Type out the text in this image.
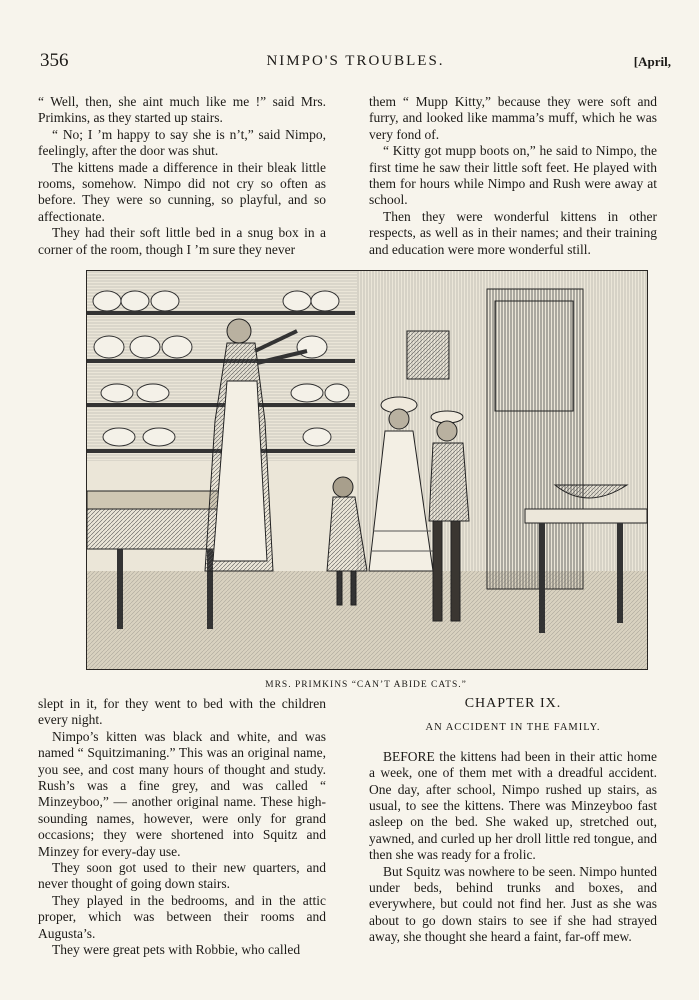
356	NIMPO'S TROUBLES.	[April,

“ Well, then, she aint much like me !” said Mrs. Primkins, as they started up stairs.

“ No; I ’m happy to say she is n’t,” said Nimpo, feelingly, after the door was shut.

The kittens made a difference in their bleak little rooms, somehow. Nimpo did not cry so often as before. They were so cunning, so playful, and so affectionate.

They had their soft little bed in a snug box in a corner of the room, though I ’m sure they never

them “ Mupp Kitty,” because they were soft and furry, and looked like mamma’s muff, which he was very fond of.

“ Kitty got mupp boots on,” he said to Nimpo, the first time he saw their little soft feet. He played with them for hours while Nimpo and Rush were away at school.

Then they were wonderful kittens in other respects, as well as in their names; and their training and education were more wonderful still.

MRS. PRIMKINS “CAN’T ABIDE CATS.”

slept in it, for they went to bed with the children every night.

Nimpo’s kitten was black and white, and was named “ Squitzimaning.” This was an original name, you see, and cost many hours of thought and study. Rush’s was a fine grey, and was called “ Minzeyboo,” — another original name. These high-sounding names, however, were only for grand occasions; they were shortened into Squitz and Minzey for every-day use.

They soon got used to their new quarters, and never thought of going down stairs.

They played in the bedrooms, and in the attic proper, which was between their rooms and Augusta’s.

They were great pets with Robbie, who called

CHAPTER IX.
AN ACCIDENT IN THE FAMILY.

BEFORE the kittens had been in their attic home a week, one of them met with a dreadful accident. One day, after school, Nimpo rushed up stairs, as usual, to see the kittens. There was Minzeyboo fast asleep on the bed. She waked up, stretched out, yawned, and curled up her droll little red tongue, and then she was ready for a frolic.

But Squitz was nowhere to be seen. Nimpo hunted under beds, behind trunks and boxes, and everywhere, but could not find her. Just as she was about to go down stairs to see if she had strayed away, she thought she heard a faint, far-off mew.
